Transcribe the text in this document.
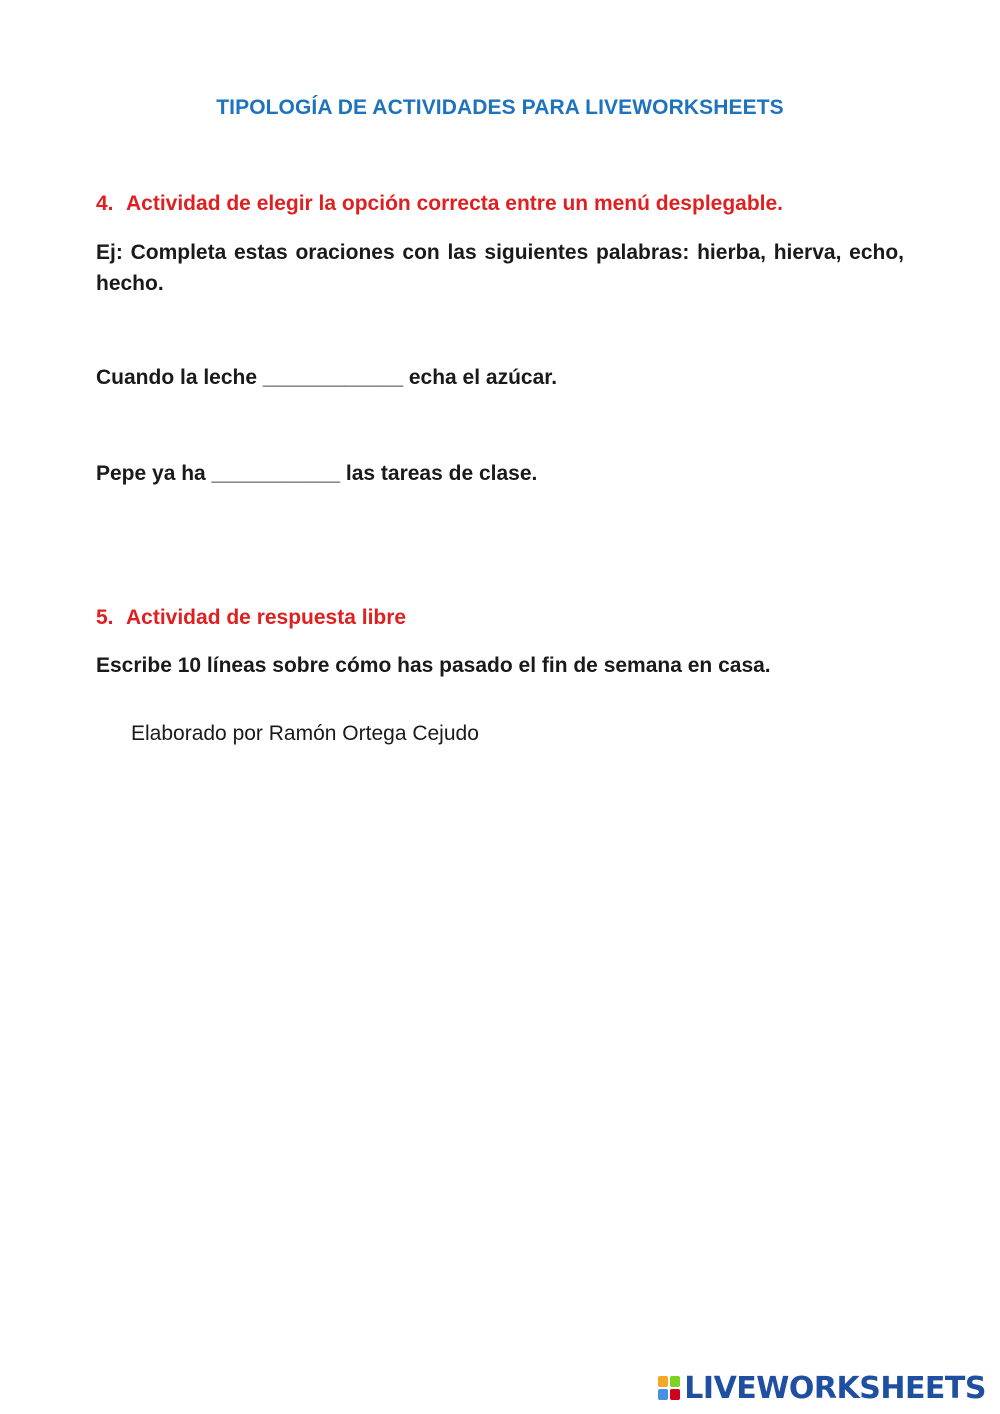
TIPOLOGÍA DE ACTIVIDADES PARA LIVEWORKSHEETS
4. Actividad de elegir la opción correcta entre un menú desplegable.
Ej: Completa estas oraciones con las siguientes palabras: hierba, hierva, echo, hecho.
Cuando la leche ____________ echa el azúcar.
Pepe ya ha ___________ las tareas de clase.
5. Actividad de respuesta libre
Escribe 10 líneas sobre cómo has pasado el fin de semana en casa.
Elaborado por Ramón Ortega Cejudo
LIVEWORKSHEETS
